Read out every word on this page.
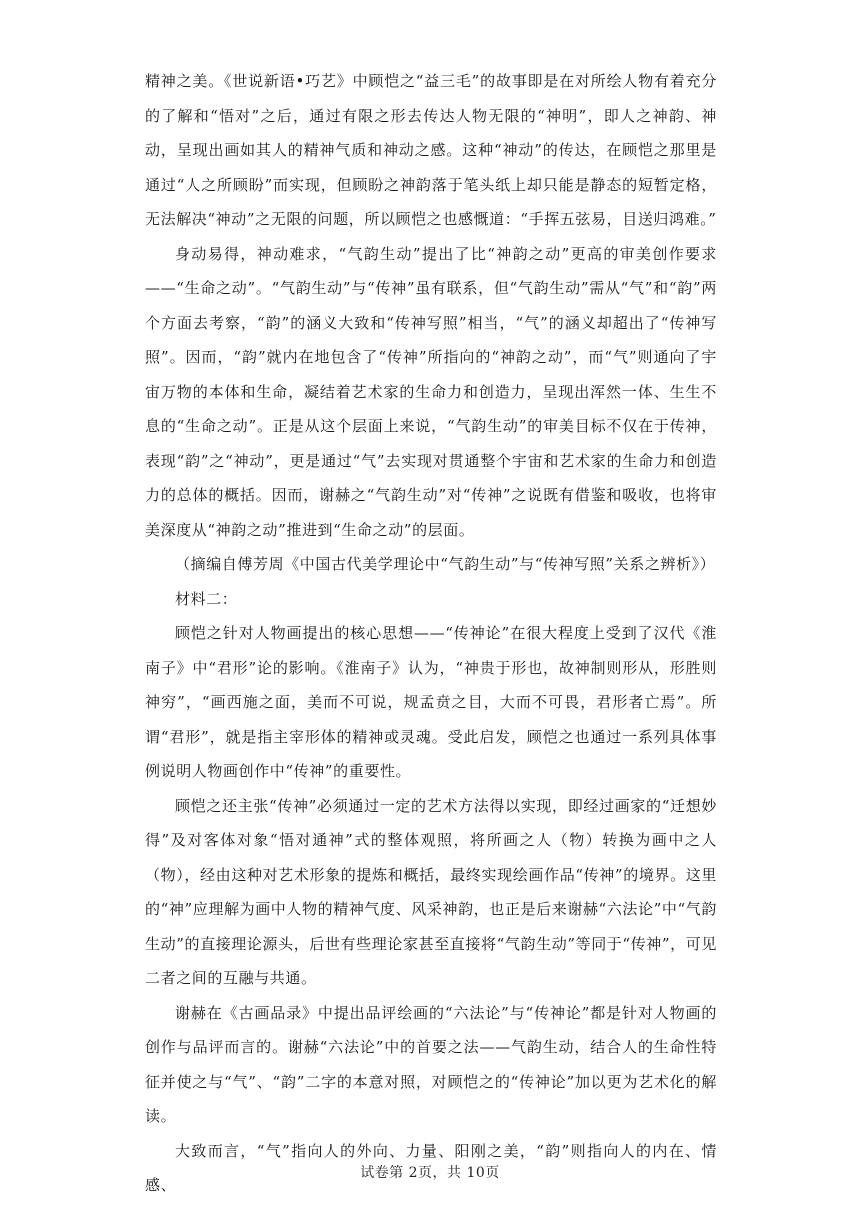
精神之美。《世说新语•巧艺》中顾恺之“益三毛”的故事即是在对所绘人物有着充分的了解和“悟对”之后，通过有限之形去传达人物无限的“神明”，即人之神韵、神动，呈现出画如其人的精神气质和神动之感。这种“神动”的传达，在顾恺之那里是通过“人之所顾盼”而实现，但顾盼之神韵落于笔头纸上却只能是静态的短暂定格，无法解决“神动”之无限的问题，所以顾恺之也感慨道：“手挥五弦易，目送归鸿难。”

身动易得，神动难求，“气韵生动”提出了比“神韵之动”更高的审美创作要求——“生命之动”。“气韵生动”与“传神”虽有联系，但“气韵生动”需从“气”和“韵”两个方面去考察，“韵”的涵义大致和“传神写照”相当，“气”的涵义却超出了“传神写照”。因而，“韵”就内在地包含了“传神”所指向的“神韵之动”，而“气”则通向了宇宙万物的本体和生命，凝结着艺术家的生命力和创造力，呈现出浑然一体、生生不息的“生命之动”。正是从这个层面上来说，“气韵生动”的审美目标不仅在于传神，表现“韵”之“神动”，更是通过“气”去实现对贯通整个宇宙和艺术家的生命力和创造力的总体的概括。因而，谢赫之“气韵生动”对“传神”之说既有借鉴和吸收，也将审美深度从“神韵之动”推进到“生命之动”的层面。

（摘编自傅芳周《中国古代美学理论中“气韵生动”与“传神写照”关系之辨析》）

材料二：

顾恺之针对人物画提出的核心思想——“传神论”在很大程度上受到了汉代《淮南子》中“君形”论的影响。《淮南子》认为，“神贵于形也，故神制则形从，形胜则神穷”，“画西施之面，美而不可说，规孟贲之目，大而不可畏，君形者亡焉”。所谓“君形”，就是指主宰形体的精神或灵魂。受此启发，顾恺之也通过一系列具体事例说明人物画创作中“传神”的重要性。

顾恺之还主张“传神”必须通过一定的艺术方法得以实现，即经过画家的“迁想妙得”及对客体对象“悟对通神”式的整体观照，将所画之人（物）转换为画中之人（物），经由这种对艺术形象的提炼和概括，最终实现绘画作品“传神”的境界。这里的“神”应理解为画中人物的精神气度、风采神韵，也正是后来谢赫“六法论”中“气韵生动”的直接理论源头，后世有些理论家甚至直接将“气韵生动”等同于“传神”，可见二者之间的互融与共通。

谢赫在《古画品录》中提出品评绘画的“六法论”与“传神论”都是针对人物画的创作与品评而言的。谢赫“六法论”中的首要之法——气韵生动，结合人的生命性特征并使之与“气”、“韵”二字的本意对照，对顾恺之的“传神论”加以更为艺术化的解读。

大致而言，“气”指向人的外向、力量、阳刚之美，“韵”则指向人的内在、情感、

试卷第 2页，共 10页
